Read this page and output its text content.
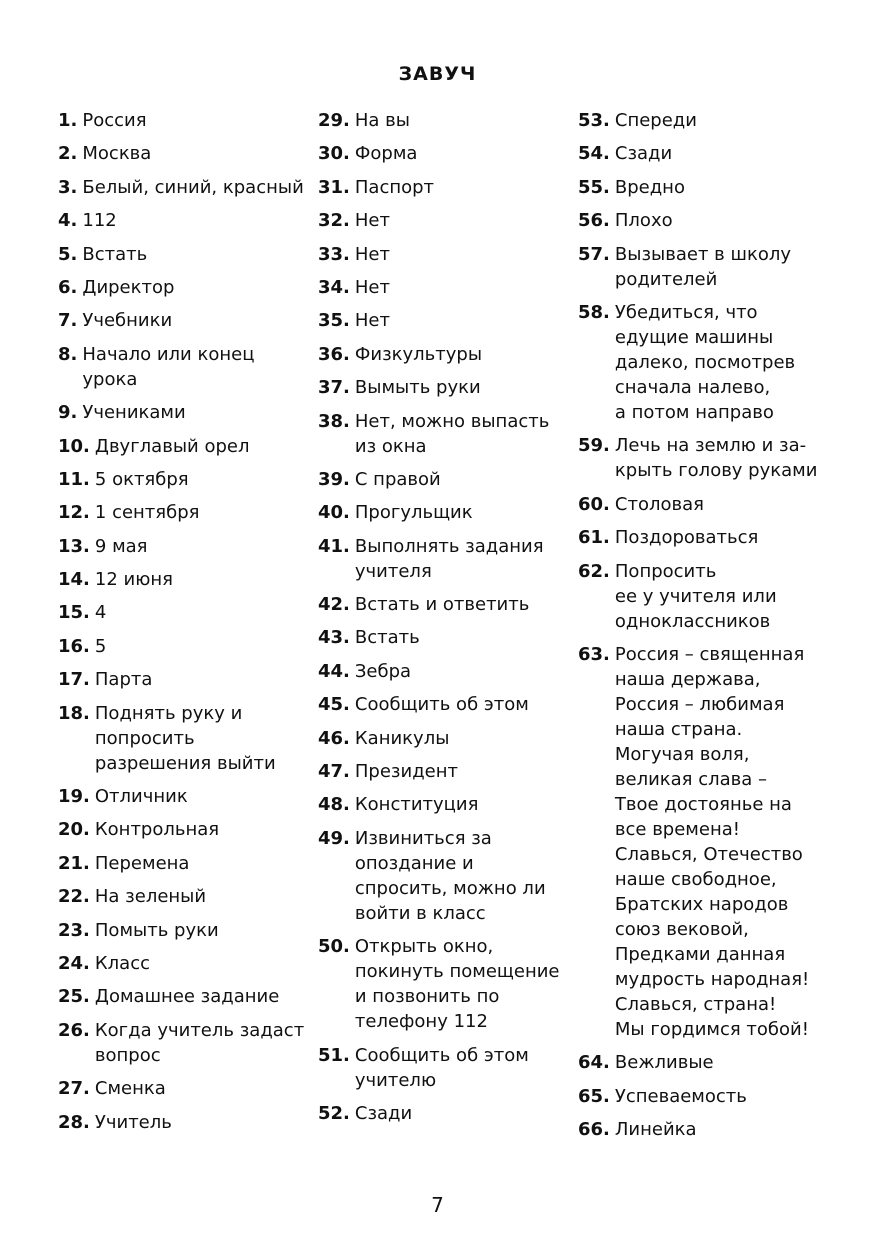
ЗАВУЧ
1. Россия
2. Москва
3. Белый, синий, красный
4. 112
5. Встать
6. Директор
7. Учебники
8. Начало или конец
урока
9. Учениками
10. Двуглавый орел
11. 5 октября
12. 1 сентября
13. 9 мая
14. 12 июня
15. 4
16. 5
17. Парта
18. Поднять руку и
попросить
разрешения выйти
19. Отличник
20. Контрольная
21. Перемена
22. На зеленый
23. Помыть руки
24. Класс
25. Домашнее задание
26. Когда учитель задаст
вопрос
27. Сменка
28. Учитель
29. На вы
30. Форма
31. Паспорт
32. Нет
33. Нет
34. Нет
35. Нет
36. Физкультуры
37. Вымыть руки
38. Нет, можно выпасть
из окна
39. С правой
40. Прогульщик
41. Выполнять задания
учителя
42. Встать и ответить
43. Встать
44. Зебра
45. Сообщить об этом
46. Каникулы
47. Президент
48. Конституция
49. Извиниться за
опоздание и
спросить, можно ли
войти в класс
50. Открыть окно,
покинуть помещение
и позвонить по
телефону 112
51. Сообщить об этом
учителю
52. Сзади
53. Спереди
54. Сзади
55. Вредно
56. Плохо
57. Вызывает в школу
родителей
58. Убедиться, что
едущие машины
далеко, посмотрев
сначала налево,
а потом направо
59. Лечь на землю и за-
крыть голову руками
60. Столовая
61. Поздороваться
62. Попросить
ее у учителя или
одноклассников
63. Россия – священная
наша держава,
Россия – любимая
наша страна.
Могучая воля,
великая слава –
Твое достоянье на
все времена!
Славься, Отечество
наше свободное,
Братских народов
союз вековой,
Предками данная
мудрость народная!
Славься, страна!
Мы гордимся тобой!
64. Вежливые
65. Успеваемость
66. Линейка
7
